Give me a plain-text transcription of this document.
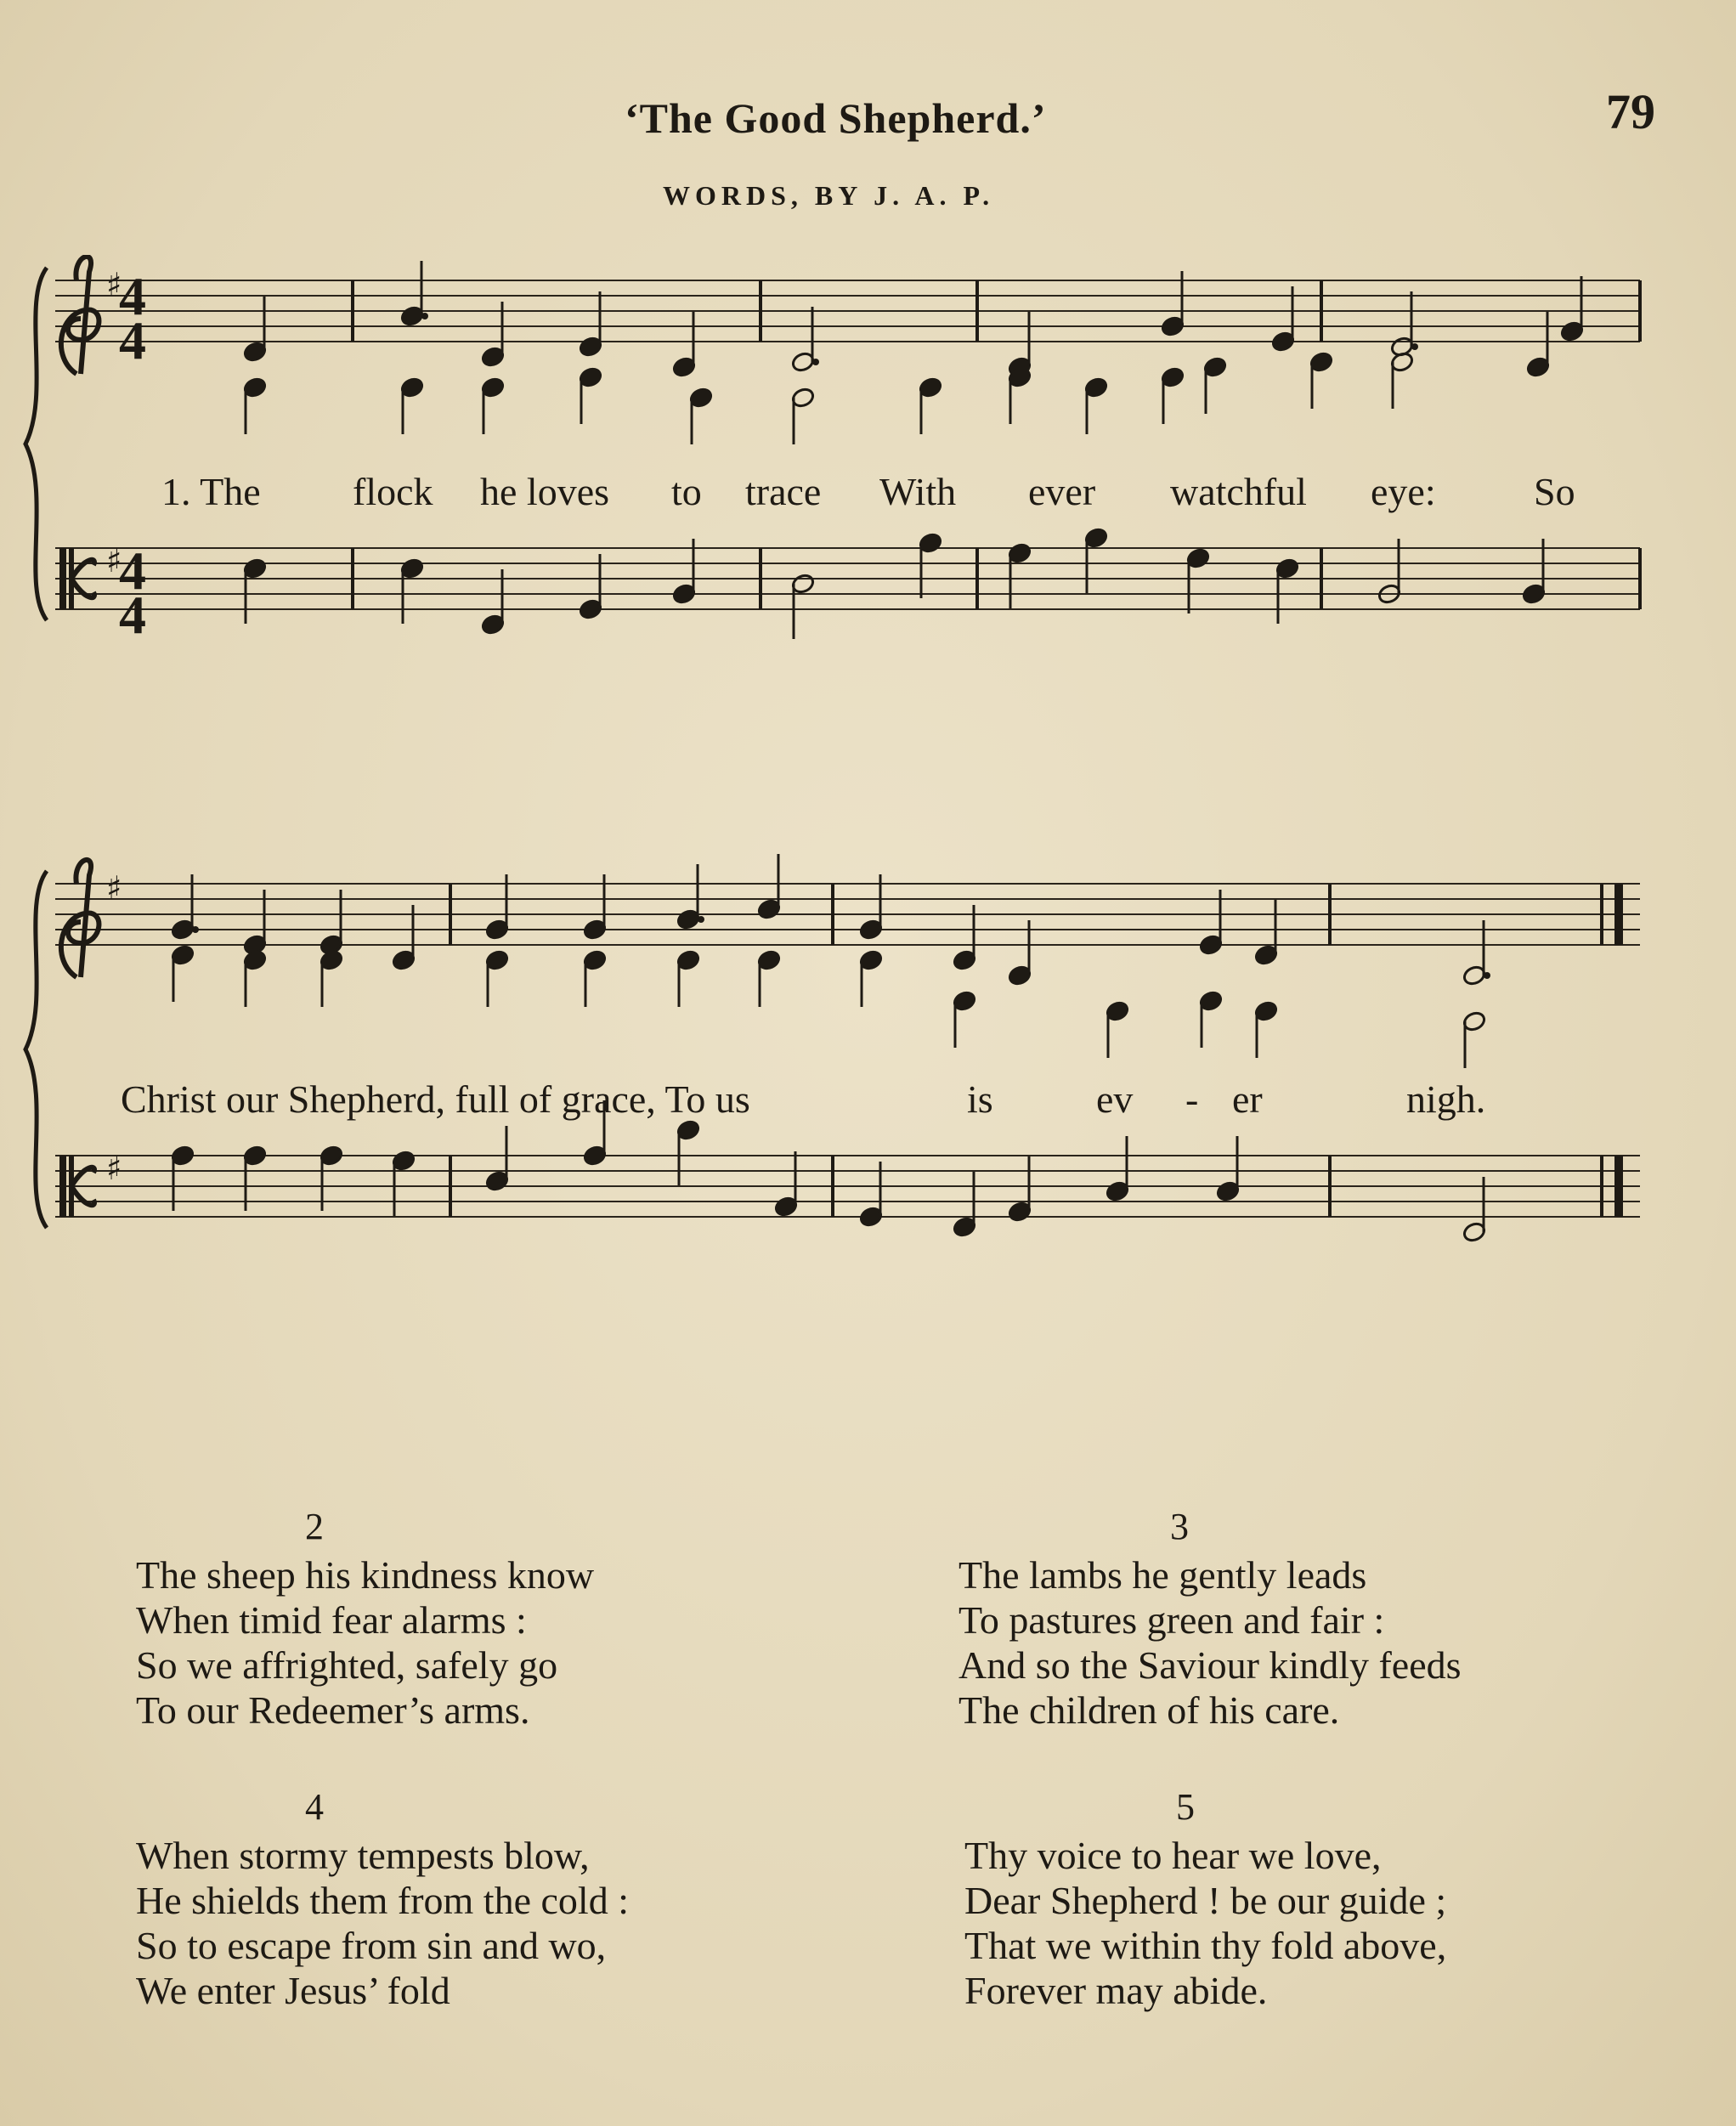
‘The Good Shepherd.’	79
WORDS, BY J. A. P.
♯
♯
4
4
4
4
1. The flock he loves to trace With ever watchful eye:	So
♯
♯
Christ our Shepherd, full of grace, To us	is	ev - er	nigh.
2
The sheep his kindness know
When timid fear alarms :
So we affrighted, safely go
To our Redeemer’s arms.
3
The lambs he gently leads
To pastures green and fair :
And so the Saviour kindly feeds
The children of his care.
4
When stormy tempests blow,
He shields them from the cold :
So to escape from sin and wo,
We enter Jesus’ fold
5
Thy voice to hear we love,
Dear Shepherd ! be our guide ;
That we within thy fold above,
Forever may abide.
